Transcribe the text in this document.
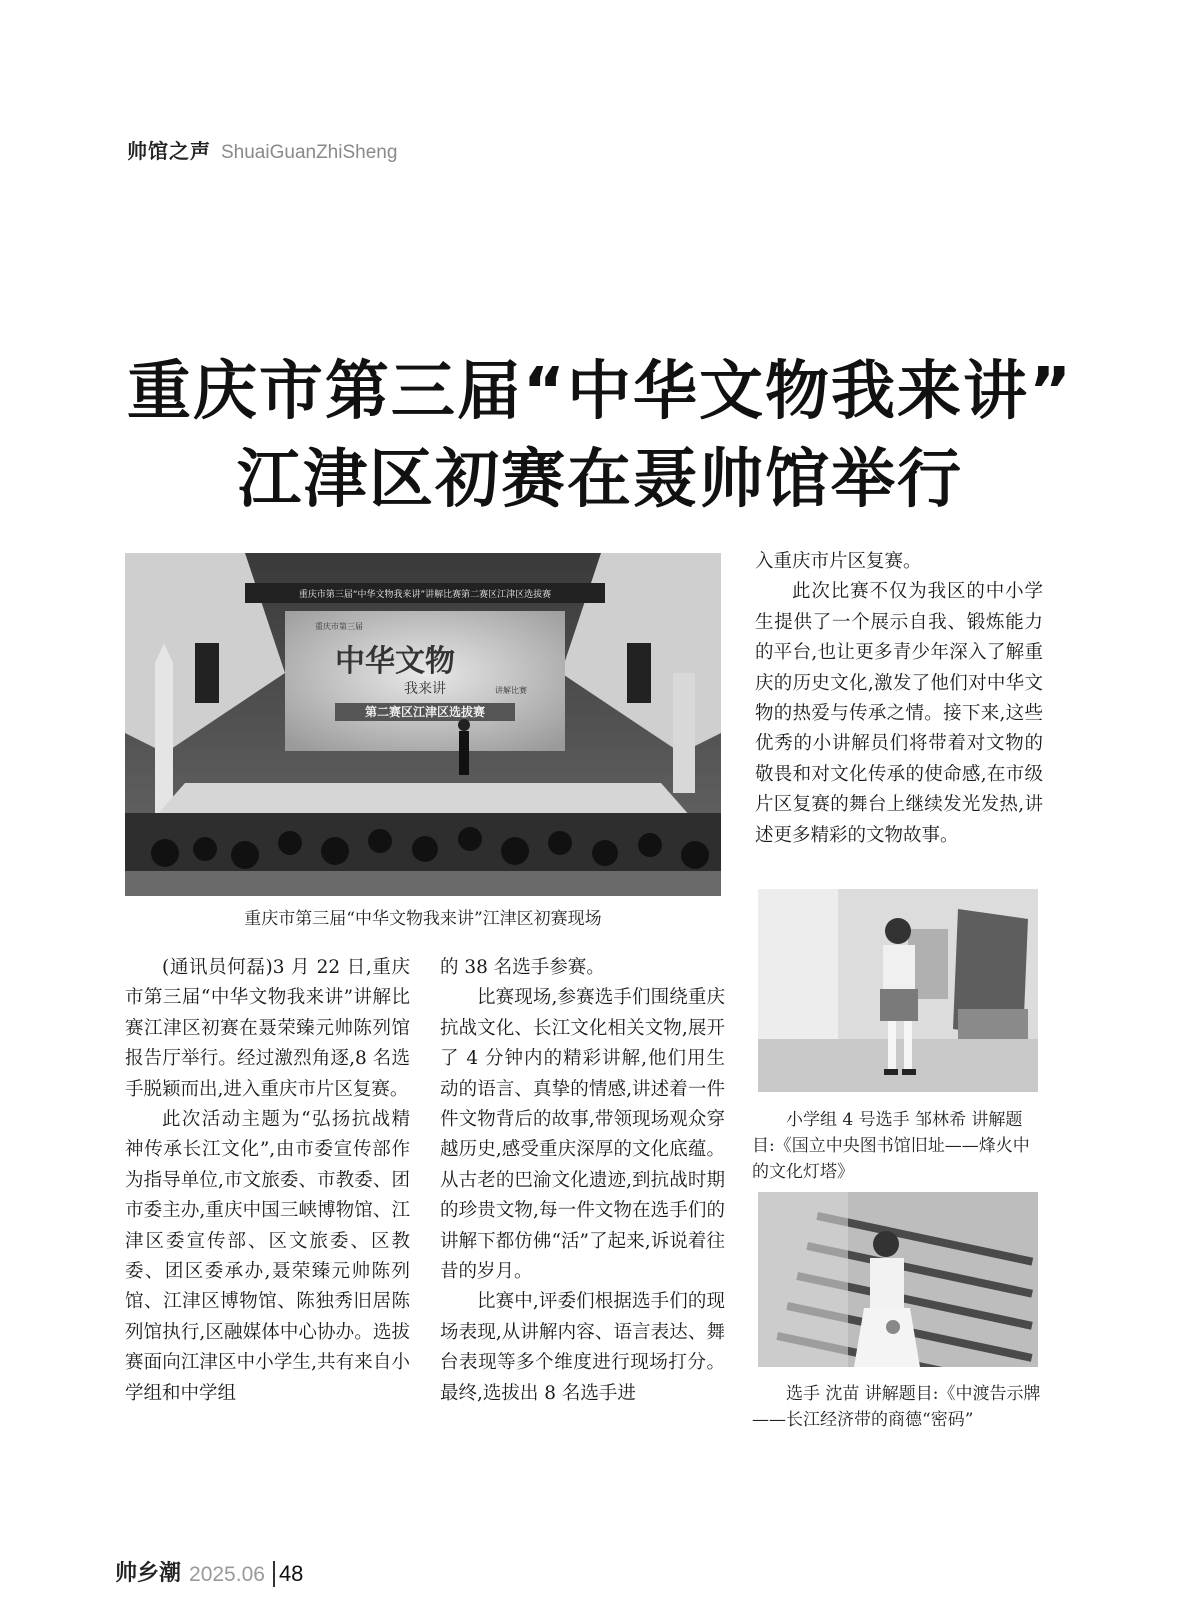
帅馆之声 ShuaiGuanZhiSheng
重庆市第三届“中华文物我来讲”
江津区初赛在聂帅馆举行
重庆市第三届“中华文物我来讲”讲解比赛第二赛区江津区选拔赛
重庆市第三届
中华文物
我来讲	讲解比赛
第二赛区江津区选拔赛
重庆市第三届“中华文物我来讲”江津区初赛现场

(通讯员何磊)3 月 22 日,重庆市第三届“中华文物我来讲”讲解比赛江津区初赛在聂荣臻元帅陈列馆报告厅举行。经过激烈角逐,8 名选手脱颖而出,进入重庆市片区复赛。

此次活动主题为“弘扬抗战精神传承长江文化”,由市委宣传部作为指导单位,市文旅委、市教委、团市委主办,重庆中国三峡博物馆、江津区委宣传部、区文旅委、区教委、团区委承办,聂荣臻元帅陈列馆、江津区博物馆、陈独秀旧居陈列馆执行,区融媒体中心协办。选拔赛面向江津区中小学生,共有来自小学组和中学组

的 38 名选手参赛。

比赛现场,参赛选手们围绕重庆抗战文化、长江文化相关文物,展开了 4 分钟内的精彩讲解,他们用生动的语言、真挚的情感,讲述着一件件文物背后的故事,带领现场观众穿越历史,感受重庆深厚的文化底蕴。从古老的巴渝文化遗迹,到抗战时期的珍贵文物,每一件文物在选手们的讲解下都仿佛“活”了起来,诉说着往昔的岁月。

比赛中,评委们根据选手们的现场表现,从讲解内容、语言表达、舞台表现等多个维度进行现场打分。最终,选拔出 8 名选手进

入重庆市片区复赛。

此次比赛不仅为我区的中小学生提供了一个展示自我、锻炼能力的平台,也让更多青少年深入了解重庆的历史文化,激发了他们对中华文物的热爱与传承之情。接下来,这些优秀的小讲解员们将带着对文物的敬畏和对文化传承的使命感,在市级片区复赛的舞台上继续发光发热,讲述更多精彩的文物故事。

小学组 4 号选手 邹林希 讲解题目:《国立中央图书馆旧址——烽火中的文化灯塔》
选手 沈苗 讲解题目:《中渡告示牌——长江经济带的商德“密码”
帅乡潮 2025.06 48
